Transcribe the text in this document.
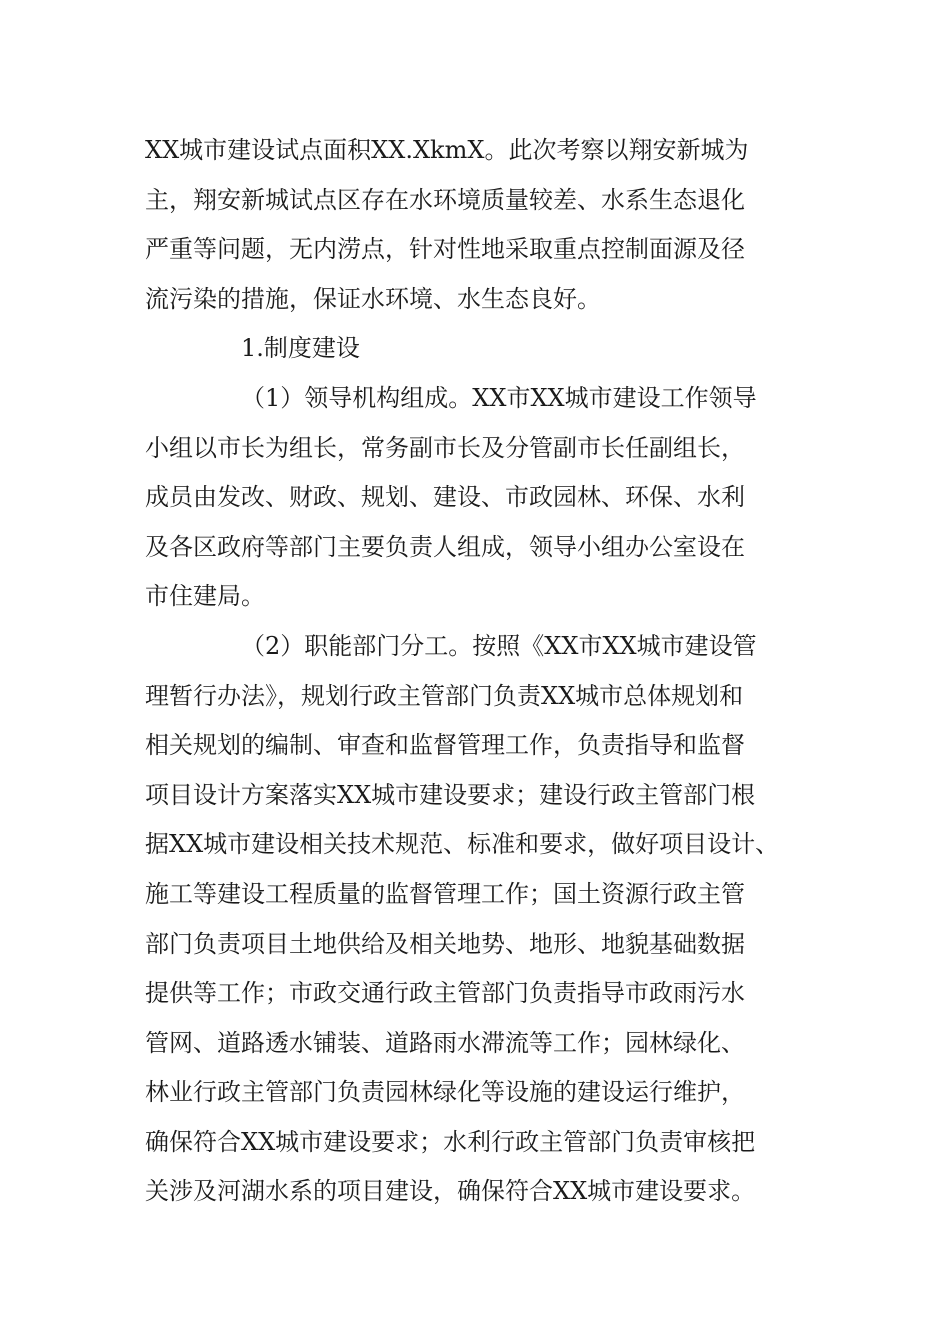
XX城市建设试点面积XX.XkmX。此次考察以翔安新城为
主，翔安新城试点区存在水环境质量较差、水系生态退化
严重等问题，无内涝点，针对性地采取重点控制面源及径
流污染的措施，保证水环境、水生态良好。
1.制度建设
（1）领导机构组成。XX市XX城市建设工作领导
小组以市长为组长，常务副市长及分管副市长任副组长，
成员由发改、财政、规划、建设、市政园林、环保、水利
及各区政府等部门主要负责人组成，领导小组办公室设在
市住建局。
（2）职能部门分工。按照《XX市XX城市建设管
理暂行办法》，规划行政主管部门负责XX城市总体规划和
相关规划的编制、审查和监督管理工作，负责指导和监督
项目设计方案落实XX城市建设要求；建设行政主管部门根
据XX城市建设相关技术规范、标准和要求，做好项目设计、
施工等建设工程质量的监督管理工作；国土资源行政主管
部门负责项目土地供给及相关地势、地形、地貌基础数据
提供等工作；市政交通行政主管部门负责指导市政雨污水
管网、道路透水铺装、道路雨水滞流等工作；园林绿化、
林业行政主管部门负责园林绿化等设施的建设运行维护，
确保符合XX城市建设要求；水利行政主管部门负责审核把
关涉及河湖水系的项目建设，确保符合XX城市建设要求。
